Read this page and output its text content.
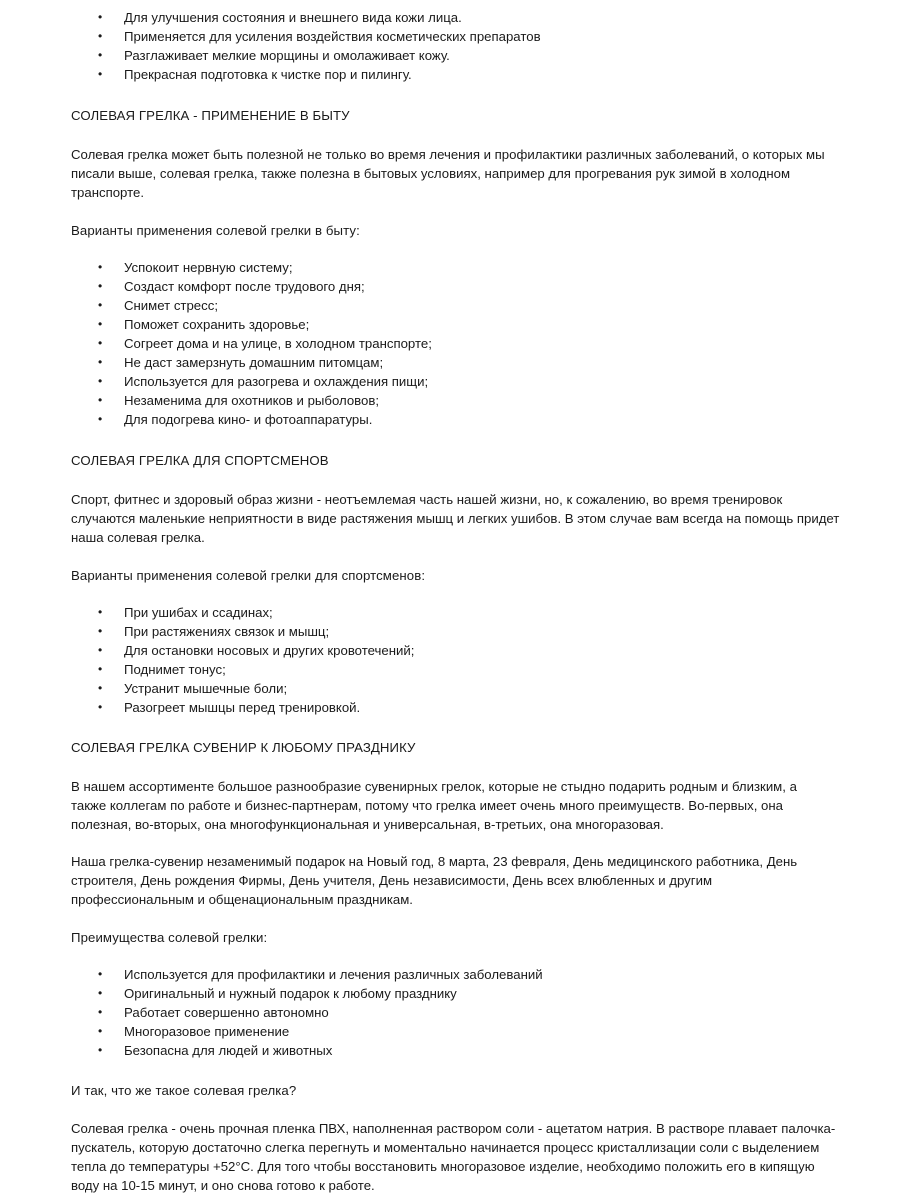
• Для улучшения состояния и внешнего вида кожи лица.
• Применяется для усиления воздействия косметических препаратов
• Разглаживает мелкие морщины и омолаживает кожу.
• Прекрасная подготовка к чистке пор и пилингу.
СОЛЕВАЯ ГРЕЛКА - ПРИМЕНЕНИЕ В БЫТУ
Солевая грелка может быть полезной не только во время лечения и профилактики различных заболеваний, о которых мы
писали выше, солевая грелка, также полезна в бытовых условиях, например для прогревания рук зимой в холодном
транспорте.
Варианты применения солевой грелки в быту:
• Успокоит нервную систему;
• Создаст комфорт после трудового дня;
• Снимет стресс;
• Поможет сохранить здоровье;
• Согреет дома и на улице, в холодном транспорте;
• Не даст замерзнуть домашним питомцам;
• Используется для разогрева и охлаждения пищи;
• Незаменима для охотников и рыболовов;
• Для подогрева кино- и фотоаппаратуры.
СОЛЕВАЯ ГРЕЛКА ДЛЯ СПОРТСМЕНОВ
Спорт, фитнес и здоровый образ жизни - неотъемлемая часть нашей жизни, но, к сожалению, во время тренировок
случаются маленькие неприятности в виде растяжения мышц и легких ушибов. В этом случае вам всегда на помощь придет
наша солевая грелка.
Варианты применения солевой грелки для спортсменов:
• При ушибах и ссадинах;
• При растяжениях связок и мышц;
• Для остановки носовых и других кровотечений;
• Поднимет тонус;
• Устранит мышечные боли;
• Разогреет мышцы перед тренировкой.
СОЛЕВАЯ ГРЕЛКА СУВЕНИР К ЛЮБОМУ ПРАЗДНИКУ
В нашем ассортименте большое разнообразие сувенирных грелок, которые не стыдно подарить родным и близким, а
также коллегам по работе и бизнес-партнерам, потому что грелка имеет очень много преимуществ. Во-первых, она
полезная, во-вторых, она многофункциональная и универсальная, в-третьих, она многоразовая.
Наша грелка-сувенир незаменимый подарок на Новый год, 8 марта, 23 февраля, День медицинского работника, День
строителя, День рождения Фирмы, День учителя, День независимости, День всех влюбленных и другим
профессиональным и общенациональным праздникам.
Преимущества солевой грелки:
• Используется для профилактики и лечения различных заболеваний
• Оригинальный и нужный подарок к любому празднику
• Работает совершенно автономно
• Многоразовое применение
• Безопасна для людей и животных
И так, что же такое солевая грелка?
Солевая грелка - очень прочная пленка ПВХ, наполненная раствором соли - ацетатом натрия. В растворе плавает палочка-
пускатель, которую достаточно слегка перегнуть и моментально начинается процесс кристаллизации соли с выделением
тепла до температуры +52°С. Для того чтобы восстановить многоразовое изделие, необходимо положить его в кипящую
воду на 10-15 минут, и оно снова готово к работе.
